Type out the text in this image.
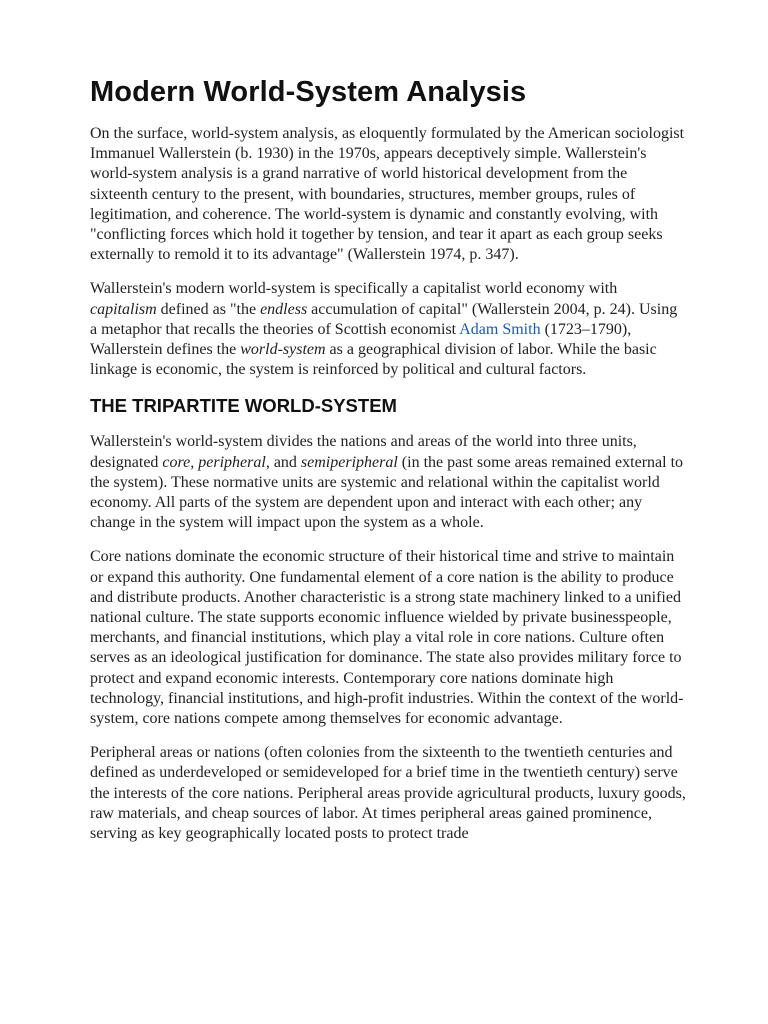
Modern World-System Analysis

On the surface, world-system analysis, as eloquently formulated by the American sociologist Immanuel Wallerstein (b. 1930) in the 1970s, appears deceptively simple. Wallerstein's world-system analysis is a grand narrative of world historical development from the sixteenth century to the present, with boundaries, structures, member groups, rules of legitimation, and coherence. The world-system is dynamic and constantly evolving, with "conflicting forces which hold it together by tension, and tear it apart as each group seeks externally to remold it to its advantage" (Wallerstein 1974, p. 347).

Wallerstein's modern world-system is specifically a capitalist world economy with capitalism defined as "the endless accumulation of capital" (Wallerstein 2004, p. 24). Using a metaphor that recalls the theories of Scottish economist Adam Smith (1723–1790), Wallerstein defines the world-system as a geographical division of labor. While the basic linkage is economic, the system is reinforced by political and cultural factors.

THE TRIPARTITE WORLD-SYSTEM

Wallerstein's world-system divides the nations and areas of the world into three units, designated core, peripheral, and semiperipheral (in the past some areas remained external to the system). These normative units are systemic and relational within the capitalist world economy. All parts of the system are dependent upon and interact with each other; any change in the system will impact upon the system as a whole.

Core nations dominate the economic structure of their historical time and strive to maintain or expand this authority. One fundamental element of a core nation is the ability to produce and distribute products. Another characteristic is a strong state machinery linked to a unified national culture. The state supports economic influence wielded by private businesspeople, merchants, and financial institutions, which play a vital role in core nations. Culture often serves as an ideological justification for dominance. The state also provides military force to protect and expand economic interests. Contemporary core nations dominate high technology, financial institutions, and high-profit industries. Within the context of the world-system, core nations compete among themselves for economic advantage.

Peripheral areas or nations (often colonies from the sixteenth to the twentieth centuries and defined as underdeveloped or semideveloped for a brief time in the twentieth century) serve the interests of the core nations. Peripheral areas provide agricultural products, luxury goods, raw materials, and cheap sources of labor. At times peripheral areas gained prominence, serving as key geographically located posts to protect trade
